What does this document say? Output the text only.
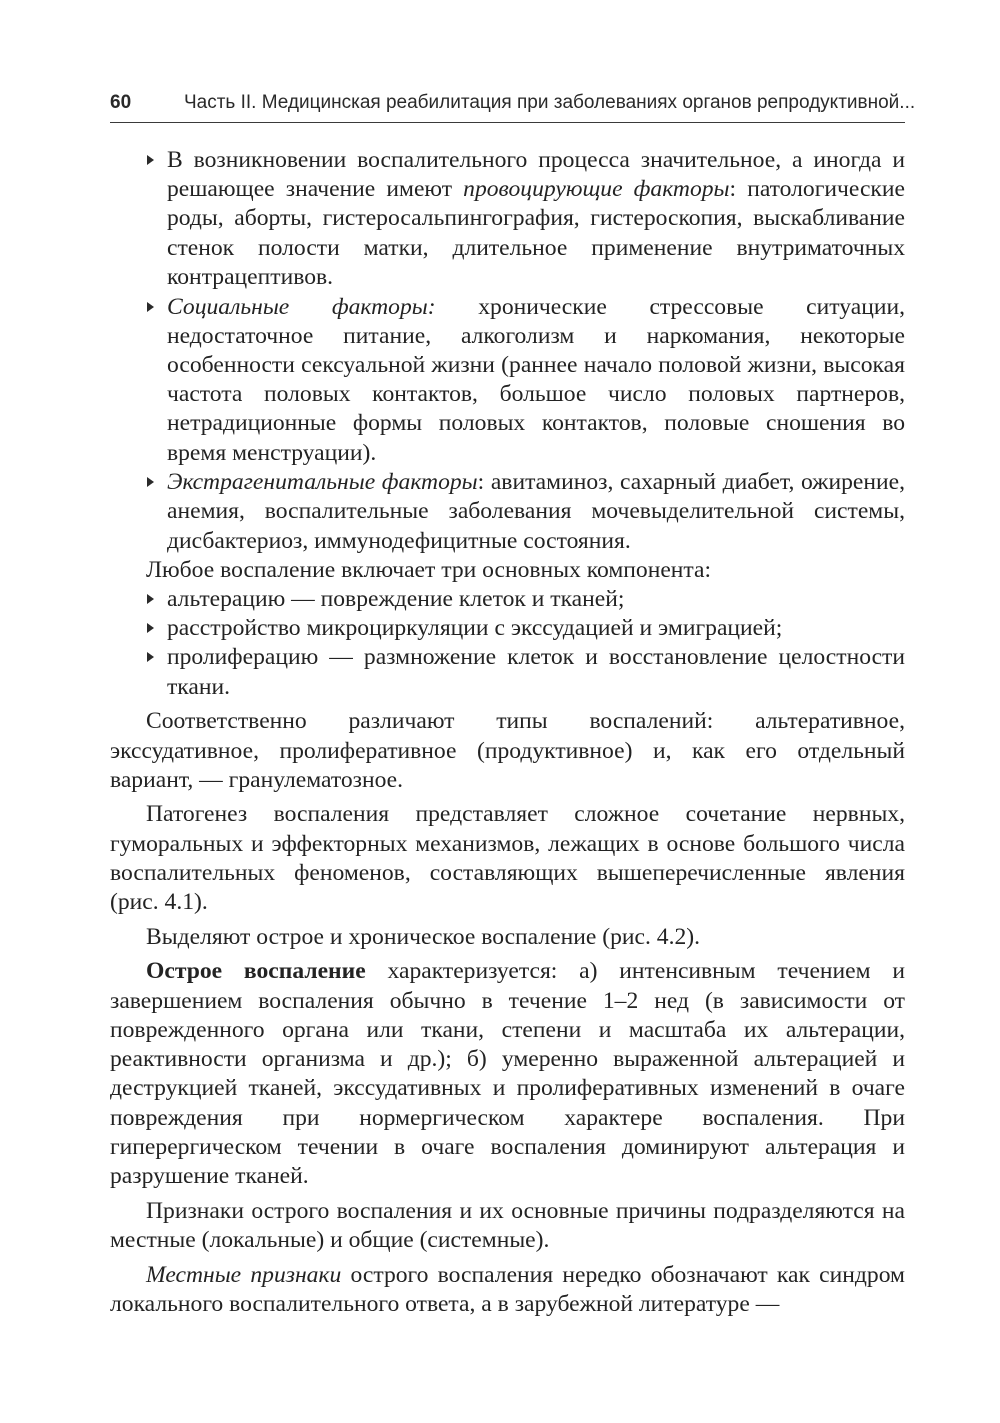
60	Часть II. Медицинская реабилитация при заболеваниях органов репродуктивной...
В возникновении воспалительного процесса значительное, а иногда и решающее значение имеют провоцирующие факторы: патологические роды, аборты, гистеросальпингография, гистероскопия, выскабливание стенок полости матки, длительное применение внутриматочных контрацептивов.
Социальные факторы: хронические стрессовые ситуации, недостаточное питание, алкоголизм и наркомания, некоторые особенности сексуальной жизни (раннее начало половой жизни, высокая частота половых контактов, большое число половых партнеров, нетрадиционные формы половых контактов, половые сношения во время менструации).
Экстрагенитальные факторы: авитаминоз, сахарный диабет, ожирение, анемия, воспалительные заболевания мочевыделительной системы, дисбактериоз, иммунодефицитные состояния.

Любое воспаление включает три основных компонента:

альтерацию — повреждение клеток и тканей;
расстройство микроциркуляции с экссудацией и эмиграцией;
пролиферацию — размножение клеток и восстановление целостности ткани.

Соответственно различают типы воспалений: альтеративное, экссудативное, пролиферативное (продуктивное) и, как его отдельный вариант, — гранулематозное.

Патогенез воспаления представляет сложное сочетание нервных, гуморальных и эффекторных механизмов, лежащих в основе большого числа воспалительных феноменов, составляющих вышеперечисленные явления (рис. 4.1).

Выделяют острое и хроническое воспаление (рис. 4.2).

Острое воспаление характеризуется: а) интенсивным течением и завершением воспаления обычно в течение 1–2 нед (в зависимости от поврежденного органа или ткани, степени и масштаба их альтерации, реактивности организма и др.); б) умеренно выраженной альтерацией и деструкцией тканей, экссудативных и пролиферативных изменений в очаге повреждения при нормергическом характере воспаления. При гиперергическом течении в очаге воспаления доминируют альтерация и разрушение тканей.

Признаки острого воспаления и их основные причины подразделяются на местные (локальные) и общие (системные).

Местные признаки острого воспаления нередко обозначают как синдром локального воспалительного ответа, а в зарубежной литературе —
